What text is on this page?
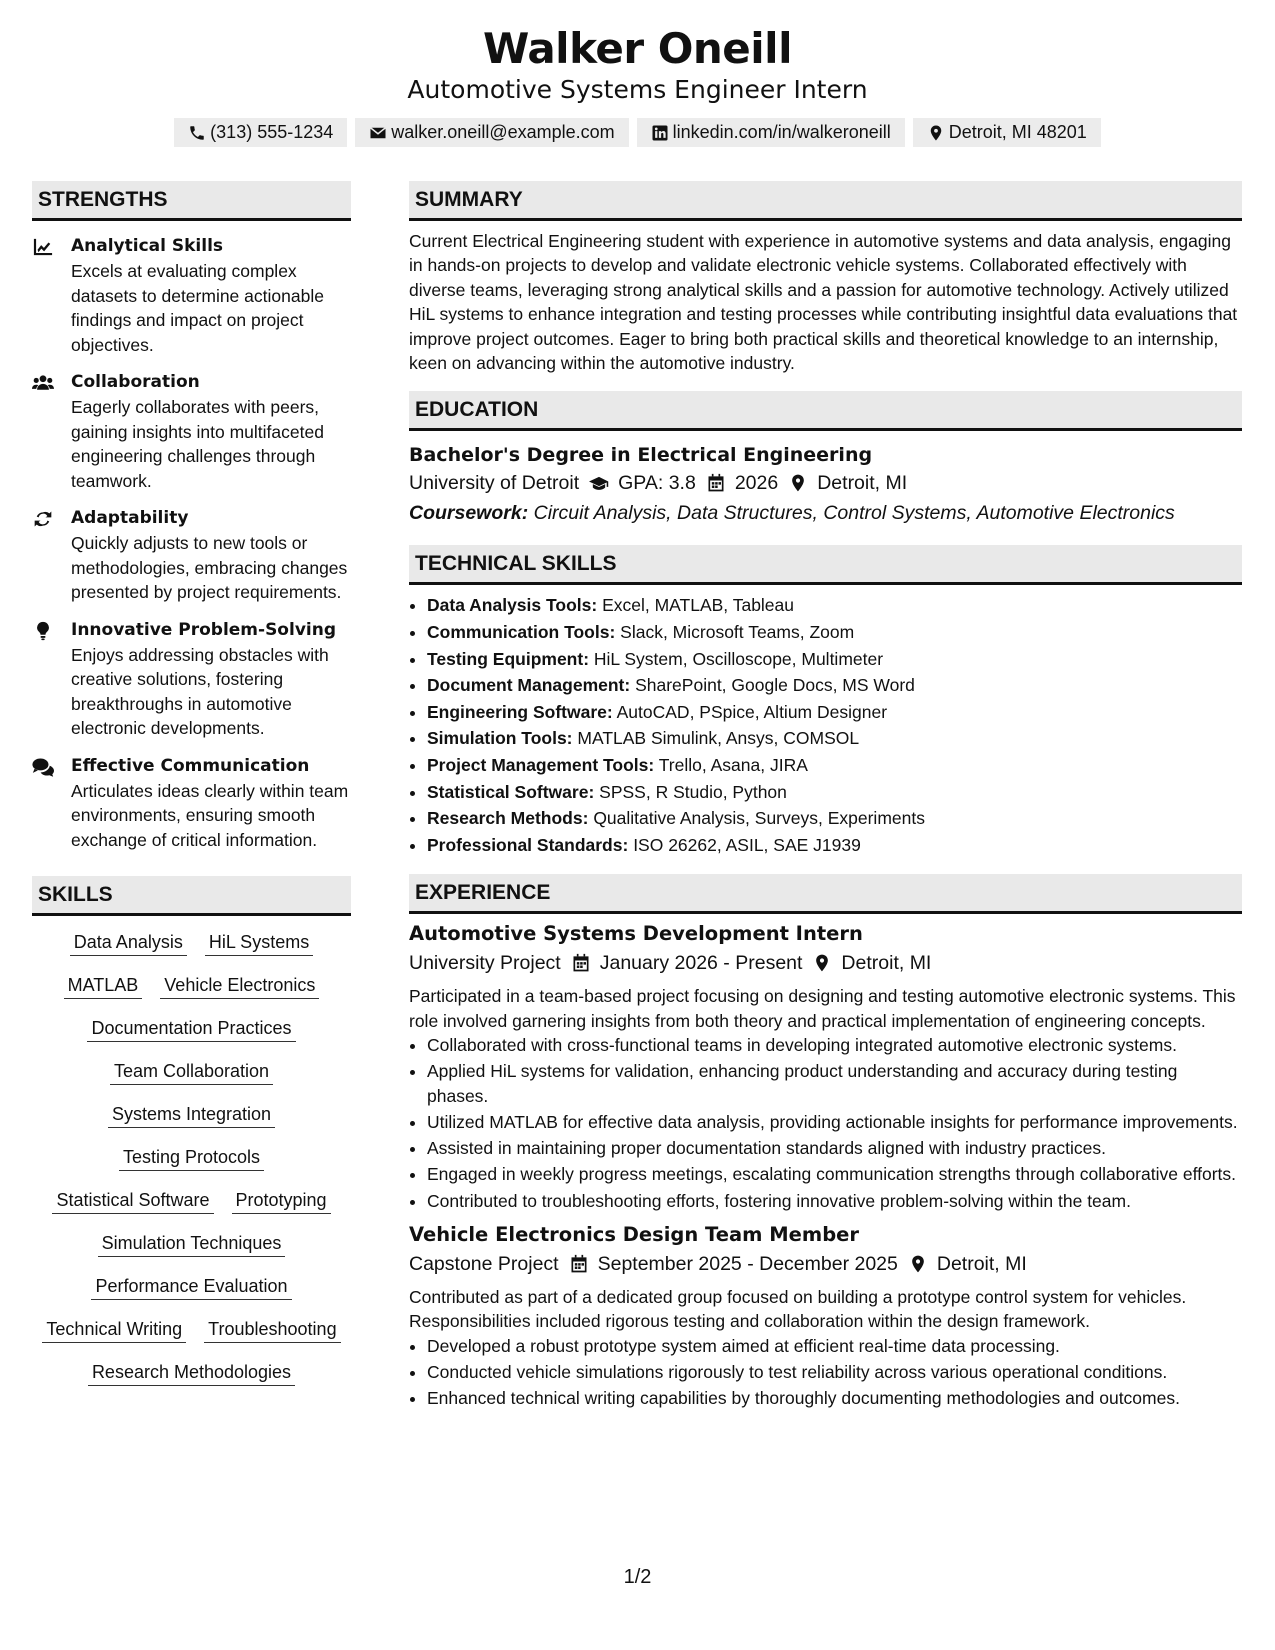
Walker Oneill
Automotive Systems Engineer Intern
(313) 555-1234	walker.oneill@example.com	linkedin.com/in/walkeroneill	Detroit, MI 48201
STRENGTHS
Analytical Skills
Excels at evaluating complex datasets to determine actionable findings and impact on project objectives.
Collaboration
Eagerly collaborates with peers, gaining insights into multifaceted engineering challenges through teamwork.
Adaptability
Quickly adjusts to new tools or methodologies, embracing changes presented by project requirements.
Innovative Problem-Solving
Enjoys addressing obstacles with creative solutions, fostering breakthroughs in automotive electronic developments.
Effective Communication
Articulates ideas clearly within team environments, ensuring smooth exchange of critical information.
SKILLS
Data Analysis HiL Systems
MATLAB Vehicle Electronics
Documentation Practices
Team Collaboration
Systems Integration
Testing Protocols
Statistical Software Prototyping
Simulation Techniques
Performance Evaluation
Technical Writing Troubleshooting
Research Methodologies
SUMMARY
Current Electrical Engineering student with experience in automotive systems and data analysis, engaging in hands-on projects to develop and validate electronic vehicle systems. Collaborated effectively with diverse teams, leveraging strong analytical skills and a passion for automotive technology. Actively utilized HiL systems to enhance integration and testing processes while contributing insightful data evaluations that improve project outcomes. Eager to bring both practical skills and theoretical knowledge to an internship, keen on advancing within the automotive industry.
EDUCATION
Bachelor's Degree in Electrical Engineering
University of Detroit GPA: 3.8 2026 Detroit, MI
Coursework: Circuit Analysis, Data Structures, Control Systems, Automotive Electronics
TECHNICAL SKILLS
• Data Analysis Tools: Excel, MATLAB, Tableau
• Communication Tools: Slack, Microsoft Teams, Zoom
• Testing Equipment: HiL System, Oscilloscope, Multimeter
• Document Management: SharePoint, Google Docs, MS Word
• Engineering Software: AutoCAD, PSpice, Altium Designer
• Simulation Tools: MATLAB Simulink, Ansys, COMSOL
• Project Management Tools: Trello, Asana, JIRA
• Statistical Software: SPSS, R Studio, Python
• Research Methods: Qualitative Analysis, Surveys, Experiments
• Professional Standards: ISO 26262, ASIL, SAE J1939
EXPERIENCE
Automotive Systems Development Intern
University Project January 2026 - Present Detroit, MI
Participated in a team-based project focusing on designing and testing automotive electronic systems. This role involved garnering insights from both theory and practical implementation of engineering concepts.
• Collaborated with cross-functional teams in developing integrated automotive electronic systems.
• Applied HiL systems for validation, enhancing product understanding and accuracy during testing phases.
• Utilized MATLAB for effective data analysis, providing actionable insights for performance improvements.
• Assisted in maintaining proper documentation standards aligned with industry practices.
• Engaged in weekly progress meetings, escalating communication strengths through collaborative efforts.
• Contributed to troubleshooting efforts, fostering innovative problem-solving within the team.
Vehicle Electronics Design Team Member
Capstone Project September 2025 - December 2025 Detroit, MI
Contributed as part of a dedicated group focused on building a prototype control system for vehicles. Responsibilities included rigorous testing and collaboration within the design framework.
• Developed a robust prototype system aimed at efficient real-time data processing.
• Conducted vehicle simulations rigorously to test reliability across various operational conditions.
• Enhanced technical writing capabilities by thoroughly documenting methodologies and outcomes.
1/2
